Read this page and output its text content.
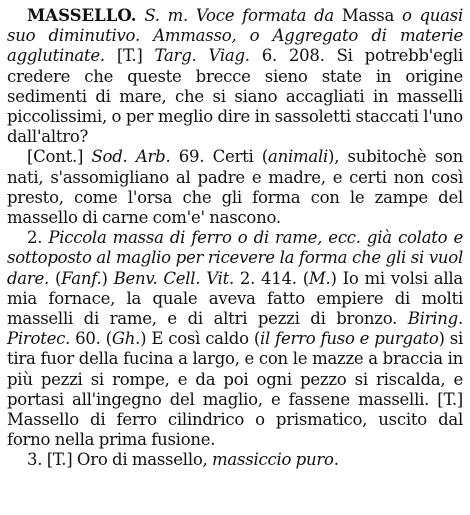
MASSELLO. S. m. Voce formata da Massa o quasi suo diminutivo. Ammasso, o Aggregato di materie agglutinate. [T.] Targ. Viag. 6. 208. Si potrebb'egli credere che queste brecce sieno state in origine sedimenti di mare, che si siano accagliati in masselli piccolissimi, o per meglio dire in sassoletti staccati l'uno dall'altro?

[Cont.] Sod. Arb. 69. Certi (animali), subitochè son nati, s'assomigliano al padre e madre, e certi non così presto, come l'orsa che gli forma con le zampe del massello di carne com'e' nascono.

2. Piccola massa di ferro o di rame, ecc. già colato e sottoposto al maglio per ricevere la forma che gli si vuol dare. (Fanf.) Benv. Cell. Vit. 2. 414. (M.) Io mi volsi alla mia fornace, la quale aveva fatto empiere di molti masselli di rame, e di altri pezzi di bronzo. Biring. Pirotec. 60. (Gh.) E così caldo (il ferro fuso e purgato) si tira fuor della fucina a largo, e con le mazze a braccia in più pezzi si rompe, e da poi ogni pezzo si riscalda, e portasi all'ingegno del maglio, e fassene masselli. [T.] Massello di ferro cilindrico o prismatico, uscito dal forno nella prima fusione.

3. [T.] Oro di massello, massiccio puro.
